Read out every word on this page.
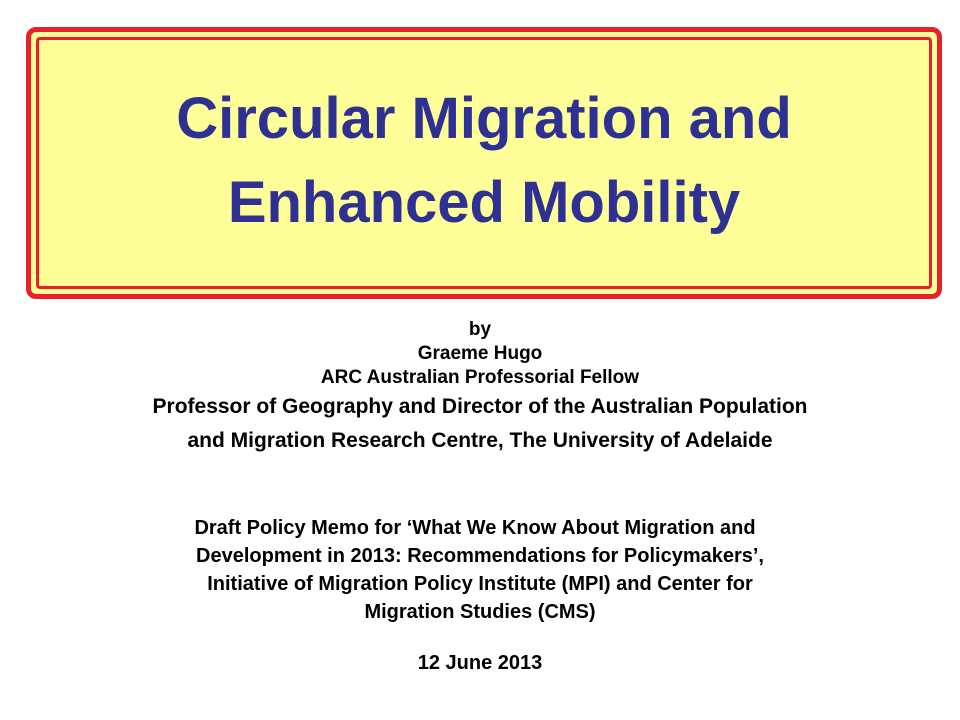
Circular Migration and
Enhanced Mobility
by
Graeme Hugo
ARC Australian Professorial Fellow
Professor of Geography and Director of the Australian Population
and Migration Research Centre, The University of Adelaide
Draft Policy Memo for ‘What We Know About Migration and
Development in 2013: Recommendations for Policymakers’,
Initiative of Migration Policy Institute (MPI) and Center for
Migration Studies (CMS)
12 June 2013
